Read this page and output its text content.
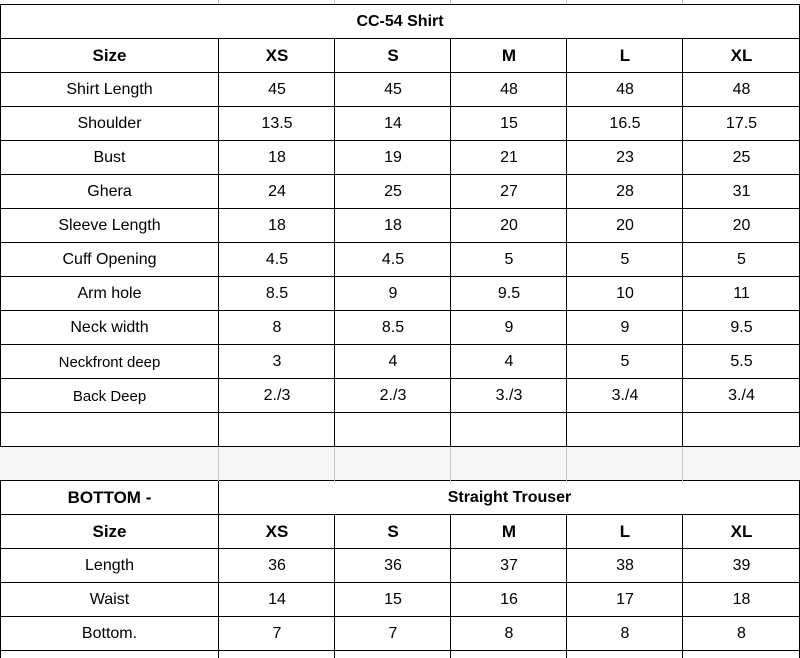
CC-54 Shirt
Size	XS	S	M	L	XL
Shirt Length	45	45	48	48	48
Shoulder	13.5	14	15	16.5	17.5
Bust	18	19	21	23	25
Ghera	24	25	27	28	31
Sleeve Length	18	18	20	20	20
Cuff Opening	4.5	4.5	5	5	5
Arm hole	8.5	9	9.5	10	11
Neck width	8	8.5	9	9	9.5
Neckfront deep	3	4	4	5	5.5
Back Deep	2./3	2./3	3./3	3./4	3./4
BOTTOM -	Straight Trouser
Size	XS	S	M	L	XL
Length	36	36	37	38	39
Waist	14	15	16	17	18
Bottom.	7	7	8	8	8
